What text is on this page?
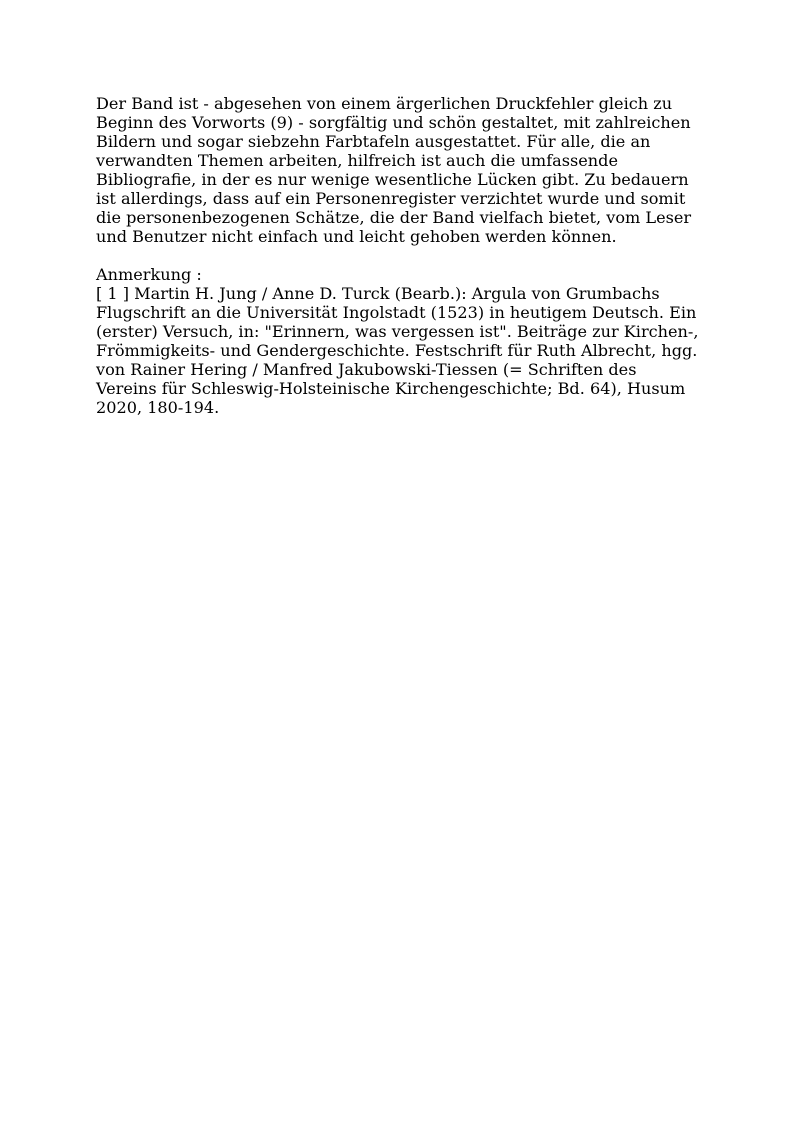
Der Band ist - abgesehen von einem ärgerlichen Druckfehler gleich zu
Beginn des Vorworts (9) - sorgfältig und schön gestaltet, mit zahlreichen
Bildern und sogar siebzehn Farbtafeln ausgestattet. Für alle, die an
verwandten Themen arbeiten, hilfreich ist auch die umfassende
Bibliografie, in der es nur wenige wesentliche Lücken gibt. Zu bedauern
ist allerdings, dass auf ein Personenregister verzichtet wurde und somit
die personenbezogenen Schätze, die der Band vielfach bietet, vom Leser
und Benutzer nicht einfach und leicht gehoben werden können.

Anmerkung :

[ 1 ] Martin H. Jung / Anne D. Turck (Bearb.): Argula von Grumbachs
Flugschrift an die Universität Ingolstadt (1523) in heutigem Deutsch. Ein
(erster) Versuch, in: "Erinnern, was vergessen ist". Beiträge zur Kirchen-,
Frömmigkeits- und Gendergeschichte. Festschrift für Ruth Albrecht, hgg.
von Rainer Hering / Manfred Jakubowski-Tiessen (= Schriften des
Vereins für Schleswig-Holsteinische Kirchengeschichte; Bd. 64), Husum
2020, 180-194.
